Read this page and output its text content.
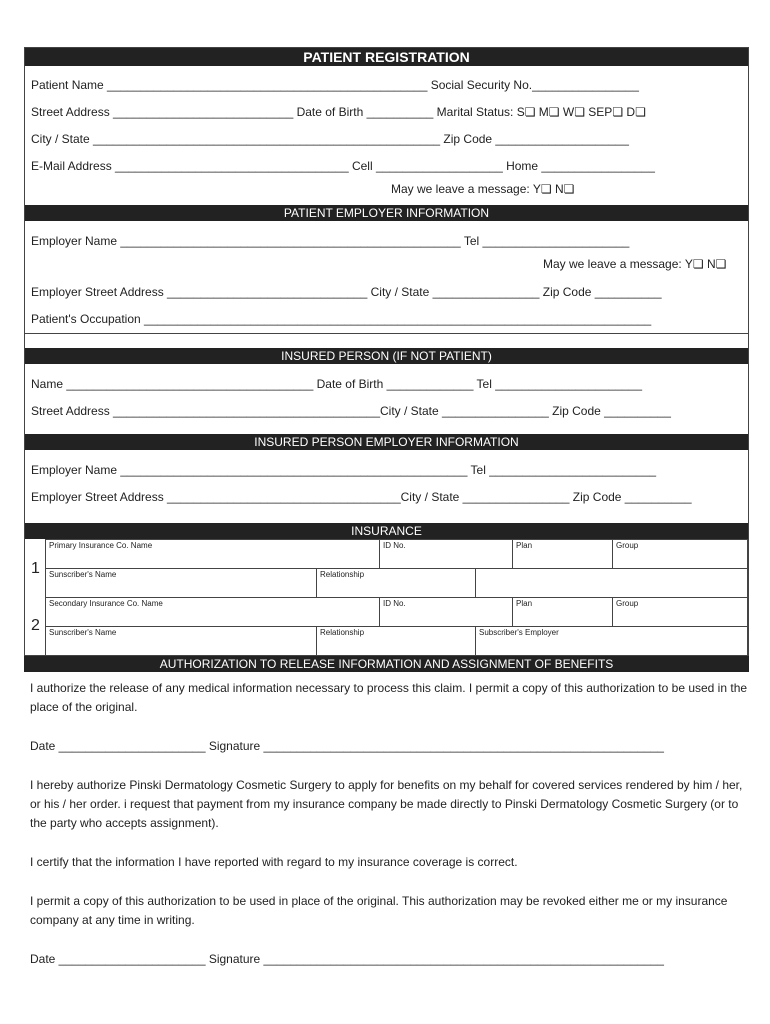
PATIENT REGISTRATION
Patient Name ________________________________________________ Social Security No.________________
Street Address ___________________________ Date of Birth __________ Marital Status: S❏ M❏ W❏ SEP❏ D❏
City / State ____________________________________________________ Zip Code ____________________
E-Mail Address ___________________________________ Cell ___________________ Home _________________
May we leave a message: Y❏ N❏
PATIENT EMPLOYER INFORMATION
Employer Name ___________________________________________________ Tel ______________________
May we leave a message: Y❏ N❏
Employer Street Address ______________________________ City / State ________________ Zip Code __________
Patient's Occupation ____________________________________________________________________________
INSURED PERSON (IF NOT PATIENT)
Name _____________________________________ Date of Birth _____________ Tel ______________________
Street Address ________________________________________City / State ________________ Zip Code __________
INSURED PERSON EMPLOYER INFORMATION
Employer Name ____________________________________________________ Tel _________________________
Employer Street Address ___________________________________City / State ________________ Zip Code __________
INSURANCE
1
Primary Insurance Co. Name	ID No.	Plan	Group
Sunscriber's Name	Relationship
2
Secondary Insurance Co. Name	ID No.	Plan	Group
Sunscriber's Name	Relationship	Subscriber's Employer
AUTHORIZATION TO RELEASE INFORMATION AND ASSIGNMENT OF BENEFITS
I authorize the release of any medical information necessary to process this claim. I permit a copy of this authorization to be used in the place of the original.
Date ______________________ Signature ____________________________________________________________
I hereby authorize Pinski Dermatology Cosmetic Surgery to apply for benefits on my behalf for covered services rendered by him / her, or his / her order. i request that payment from my insurance company be made directly to Pinski Dermatology Cosmetic Surgery (or to the party who accepts assignment).
I certify that the information I have reported with regard to my insurance coverage is correct.
I permit a copy of this authorization to be used in place of the original. This authorization may be revoked either me or my insurance company at any time in writing.
Date ______________________ Signature ____________________________________________________________
